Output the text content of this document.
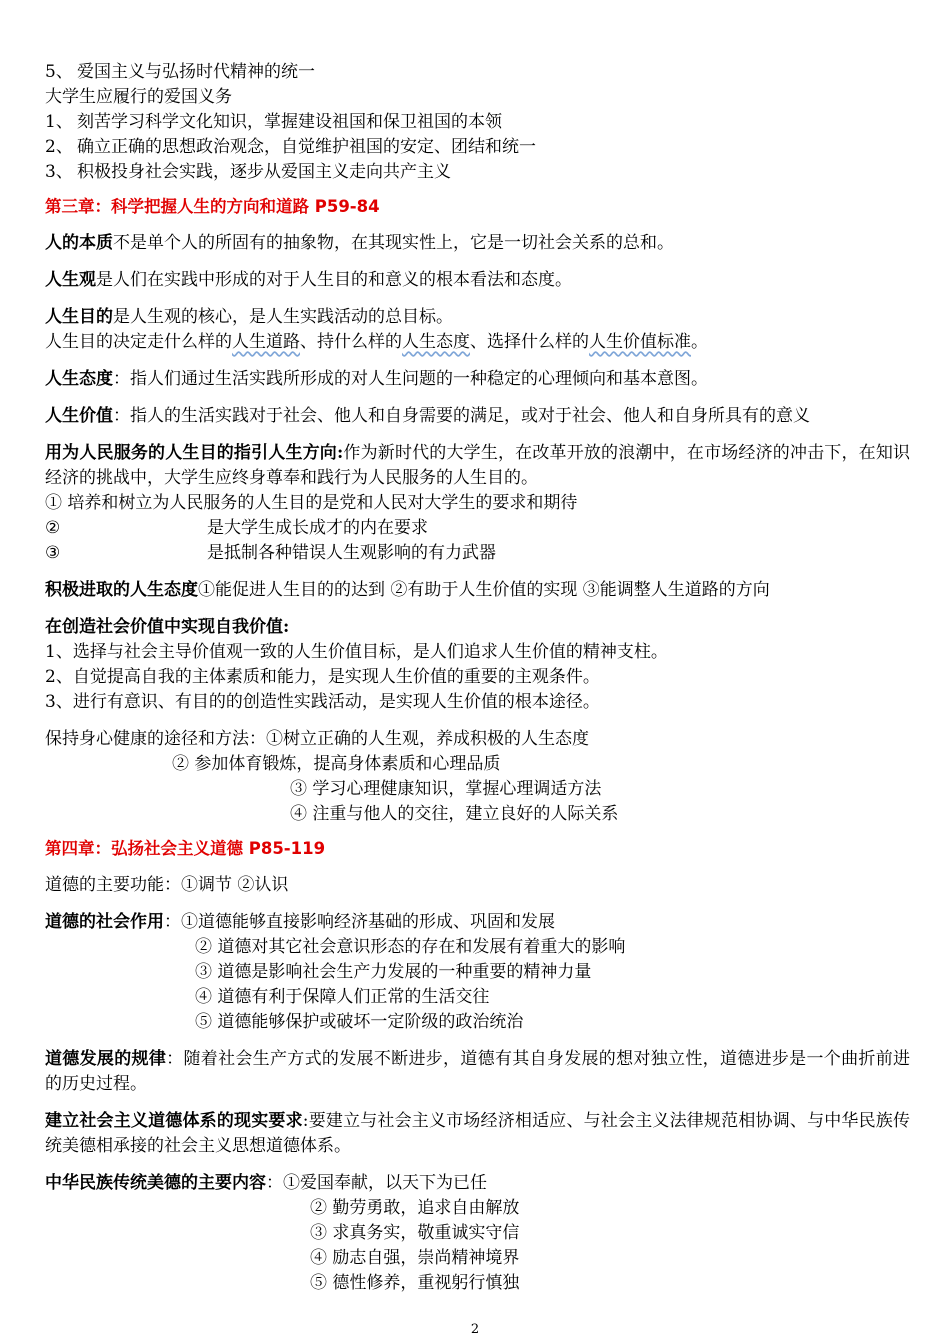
5、 爱国主义与弘扬时代精神的统一
大学生应履行的爱国义务
1、 刻苦学习科学文化知识，掌握建设祖国和保卫祖国的本领
2、 确立正确的思想政治观念，自觉维护祖国的安定、团结和统一
3、 积极投身社会实践，逐步从爱国主义走向共产主义
第三章：科学把握人生的方向和道路 P59-84
人的本质不是单个人的所固有的抽象物，在其现实性上，它是一切社会关系的总和。
人生观是人们在实践中形成的对于人生目的和意义的根本看法和态度。
人生目的是人生观的核心，是人生实践活动的总目标。
人生目的决定走什么样的人生道路、持什么样的人生态度、选择什么样的人生价值标准。
人生态度：指人们通过生活实践所形成的对人生问题的一种稳定的心理倾向和基本意图。
人生价值：指人的生活实践对于社会、他人和自身需要的满足，或对于社会、他人和自身所具有的意义
用为人民服务的人生目的指引人生方向:作为新时代的大学生，在改革开放的浪潮中，在市场经济的冲击下，在知识经济的挑战中，大学生应终身尊奉和践行为人民服务的人生目的。
① 培养和树立为人民服务的人生目的是党和人民对大学生的要求和期待
②	是大学生成长成才的内在要求
③	是抵制各种错误人生观影响的有力武器
积极进取的人生态度①能促进人生目的的达到 ②有助于人生价值的实现 ③能调整人生道路的方向
在创造社会价值中实现自我价值:
1、选择与社会主导价值观一致的人生价值目标，是人们追求人生价值的精神支柱。
2、自觉提高自我的主体素质和能力，是实现人生价值的重要的主观条件。
3、进行有意识、有目的的创造性实践活动，是实现人生价值的根本途径。
保持身心健康的途径和方法：①树立正确的人生观，养成积极的人生态度
② 参加体育锻炼，提高身体素质和心理品质
③ 学习心理健康知识，掌握心理调适方法
④ 注重与他人的交往，建立良好的人际关系
第四章：弘扬社会主义道德 P85-119
道德的主要功能：①调节 ②认识
道德的社会作用：①道德能够直接影响经济基础的形成、巩固和发展
② 道德对其它社会意识形态的存在和发展有着重大的影响
③ 道德是影响社会生产力发展的一种重要的精神力量
④ 道德有利于保障人们正常的生活交往
⑤ 道德能够保护或破坏一定阶级的政治统治
道德发展的规律：随着社会生产方式的发展不断进步，道德有其自身发展的想对独立性，道德进步是一个曲折前进的历史过程。
建立社会主义道德体系的现实要求:要建立与社会主义市场经济相适应、与社会主义法律规范相协调、与中华民族传统美德相承接的社会主义思想道德体系。
中华民族传统美德的主要内容：①爱国奉献，以天下为已任
② 勤劳勇敢，追求自由解放
③ 求真务实，敬重诚实守信
④ 励志自强，崇尚精神境界
⑤ 德性修养，重视躬行慎独
2
